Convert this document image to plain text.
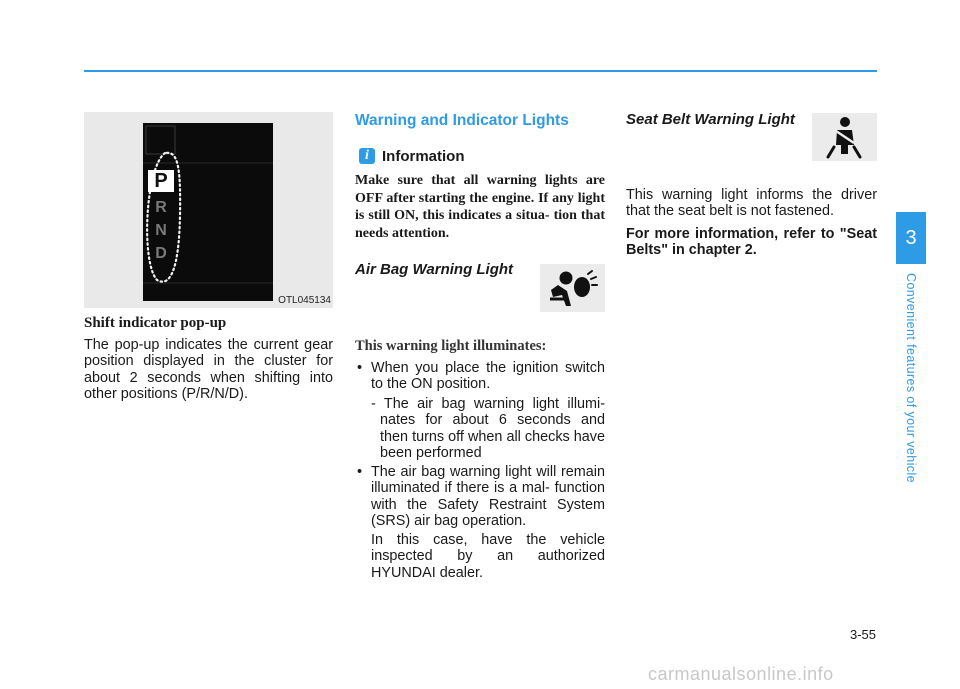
P
R
N
D
OTL045134

Shift indicator pop-up

The pop-up indicates the current gear position displayed in the cluster for about 2 seconds when shifting into other positions (P/R/N/D).

Warning and Indicator Lights

i Information

Make sure that all warning lights are OFF after starting the engine. If any light is still ON, this indicates a situa- tion that needs attention.

Air Bag Warning Light

This warning light illuminates:

• When you place the ignition switch to the ON position.

- The air bag warning light illumi- nates for about 6 seconds and then turns off when all checks have been performed

• The air bag warning light will remain illuminated if there is a mal- function with the Safety Restraint System (SRS) air bag operation.

In this case, have the vehicle inspected by an authorized HYUNDAI dealer.

Seat Belt Warning Light

This warning light informs the driver that the seat belt is not fastened.

For more information, refer to "Seat Belts" in chapter 2.

3
Convenient features of your vehicle
3-55
carmanualsonline.info
